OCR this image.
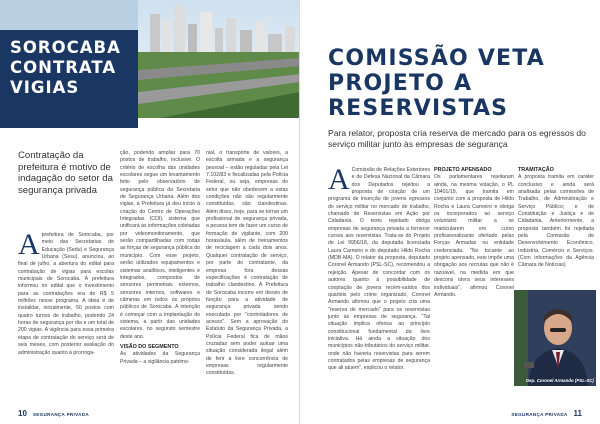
SOROCABA
CONTRATA
VIGIAS
Contratação da prefeitura é motivo de indagação do setor da segurança privada
A prefeitura de Sorocaba, por meio das Secretarias de Educação (Sedu) e Segurança Urbana (Sesu), anunciou, ao final de julho, a abertura do edital para contratação de vigias para escolas municipais de Sorocaba. A prefeitura informou no edital que o investimento para as contratações era de R$ 5 milhões nesse programa. A ideia é de instalidar, inicialmente, 50 postos com quatro turnos de trabalho, podendo 24 horas de segurança por dia e um total de 200 vigias. A vigência para essa primeira etapa de contratação do serviço será de seis meses, com posterior avaliação do administração quanto à prorroga-

ção, podendo ampliar para 70 postos de trabalho, inclusive. O critério de escolha das unidades escolares segue um levantamento feito pelo observatório de segurança pública da Secretaria de Segurança Urbana. Além dos vigias, a Prefeitura já deu início à criação do Centro de Operações Integradas (COI), sistema que unificará as informações coletadas por videomonitoramento, que serão compartilhadas com todas as forças de segurança pública do município. Com esse projeto, serão utilizados equipamentos e sistemas analíticos, inteligentes e integrados, compostos de sensores perimetrais externos, sensores internos, softwares e câmeras em todos os próprios públicos de Sorocaba. A intenção é começar com a implantação do sistema, a partir das unidades escolares, no segundo semestre deste ano.

VISÃO DO SEGMENTO

As atividades da Segurança Privada – a vigilância patrimo-

nial, o transporte de valores, a escolta armada e a segurança pessoal – estão reguladas pela Lei 7.102/83 e fiscalizadas pela Polícia Federal, ou seja, empresas do setor que não obedecem a estas condições não são regularmente constituídas, são clandestinas. Além disso, hoje, para se tornar um profissional de segurança privada, a pessoa tem de fazer um curso de formação de vigilante, com 200 horas/aula, além de treinamentos de reciclagem a cada dois anos. Qualquer contratação de serviço, por parte do contratante, da empresa fora dessas especificações é contratação de trabalho clandestino. A Prefeitura de Sorocaba incorre em desvio de função para a atividade de segurança privada sendo executada por "controladores de acesso". Sem a aprovação do Estatuto da Segurança Privada, a Polícia Federal fica de mãos cruzadas sem poder autuar uma situação considerada ilegal além de ferir a livre concorrência de empresas regularmente constituídas.

10 SEGURANÇA PRIVADA
COMISSÃO VETA
PROJETO A
RESERVISTAS
Para relator, proposta cria reserva de mercado para os egressos do serviço militar junto às empresas de segurança
A Comissão de Relações Exteriores e de Defesa Nacional da Câmara dos Deputados rejeitou a proposta de criação de um programa de inserção de jovens egressos do serviço militar no mercado de trabalho, chamado de Reservistas em Ação por Cidadania. O texto rejeitado obriga empresas de segurança privada a fornecer cursos aos reservistas. Trata-se do Projeto de Lei 9956/18, da deputada licenciada Laura Carneiro e do deputado Hildo Rocha (MDB-MA). O relator da proposta, deputado Coronel Armando (PSL-SC), recomendou a rejeição. Apesar de concordar com os autores quanto à possibilidade de cooptação de jovens recém-saídos dos quartéis pelo crime organizado, Coronel Armando afirmou que o projeto cria uma "reserva de mercado" para os reservistas junto às empresas de segurança. "Tal situação implica ofensa ao princípio constitucional fundamental da livre iniciativa. Há ainda a situação dos municípios não-tributários do serviço militar, onde não haveria reservistas para serem contratados pelas empresas de segurança que ali atuem", explicou o relator.

PROJETO APENSADO

Os parlamentares rejeitaram ainda, na mesma votação, o PL 10401/19, que tramita em conjunto com a proposta de Hildo Rocha e Laura Carneiro e obriga os incorporados ao serviço voluntário militar a se matricularem em curso profissionalizante ofertado pelas Forças Armadas ou entidade credenciada. "No tocante ao projeto apensado, este impõe uma obrigação aos recrutas que não é razoável, na medida em que descons idera seus interesses individuais", afirmou Coronel Armando.

TRAMITAÇÃO

A proposta tramita em caráter conclusivo e ainda será analisada pelas comissões de Trabalho, de Administração e Serviço Público; e de Constituição e Justiça e de Cidadania. Anteriormente, a proposta também foi rejeitada pela Comissão de Desenvolvimento Econômico, Indústria, Comércio e Serviços. (Com informações da Agência Câmara de Notícias)

Dep. Coronel Armando (PSL-SC)
SEGURANÇA PRIVADA 11
